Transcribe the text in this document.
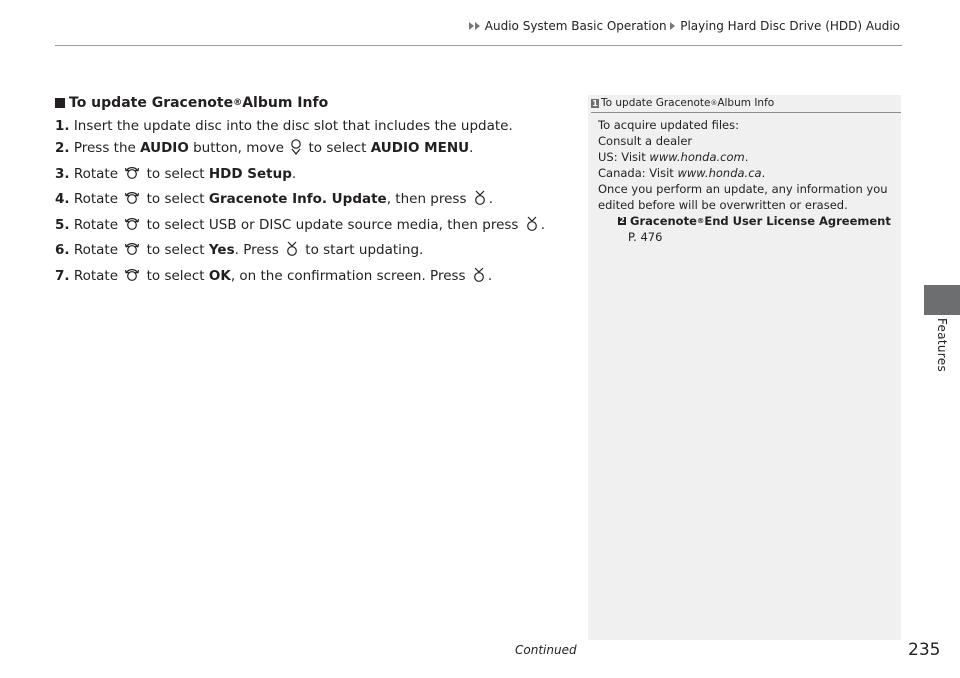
Audio System Basic Operation Playing Hard Disc Drive (HDD) Audio
Features
To update Gracenote ® Album Info
1. Insert the update disc into the disc slot that includes the update.
2. Press the AUDIO button, move  to select AUDIO MENU.
3. Rotate  to select HDD Setup.
4. Rotate  to select Gracenote Info. Update, then press .
5. Rotate  to select USB or DISC update source media, then press .
6. Rotate  to select Yes. Press  to start updating.
7. Rotate  to select OK, on the confirmation screen. Press .
1 To update Gracenote ® Album Info
To acquire updated files:
Consult a dealer
US: Visit www.honda.com.
Canada: Visit www.honda.ca.
Once you perform an update, any information you
edited before will be overwritten or erased.
2 Gracenote ® End User License Agreement
P. 476
Continued	235
